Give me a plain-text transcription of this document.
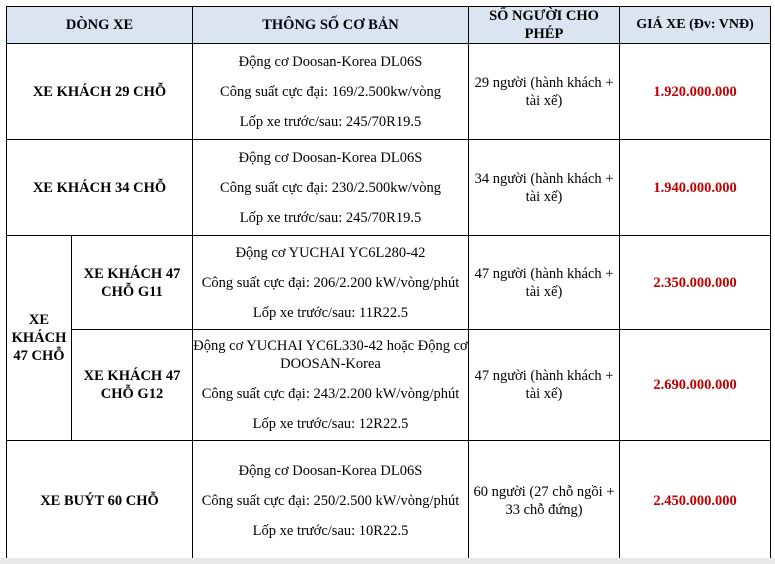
DÒNG XE		THÔNG SỐ CƠ BẢN	SỐ NGƯỜI CHO PHÉP	GIÁ XE (Đv: VNĐ)
XE KHÁCH 29 CHỖ		Động cơ Doosan-Korea DL06S
Công suất cực đại: 169/2.500kw/vòng
Lốp xe trước/sau: 245/70R19.5	29 người (hành khách + tài xế)	1.920.000.000
XE KHÁCH 34 CHỖ		Động cơ Doosan-Korea DL06S
Công suất cực đại: 230/2.500kw/vòng
Lốp xe trước/sau: 245/70R19.5	34 người (hành khách + tài xế)	1.940.000.000
XE KHÁCH 47 CHỖ	XE KHÁCH 47 CHỖ G11	Động cơ YUCHAI YC6L280-42
Công suất cực đại: 206/2.200 kW/vòng/phút
Lốp xe trước/sau: 11R22.5	47 người (hành khách + tài xế)	2.350.000.000
	XE KHÁCH 47 CHỖ G12	Động cơ YUCHAI YC6L330-42 hoặc Động cơ DOOSAN-Korea
Công suất cực đại: 243/2.200 kW/vòng/phút
Lốp xe trước/sau: 12R22.5	47 người (hành khách + tài xế)	2.690.000.000
XE BUÝT 60 CHỖ		Động cơ Doosan-Korea DL06S
Công suất cực đại: 250/2.500 kW/vòng/phút
Lốp xe trước/sau: 10R22.5	60 người (27 chỗ ngồi + 33 chỗ đứng)	2.450.000.000
